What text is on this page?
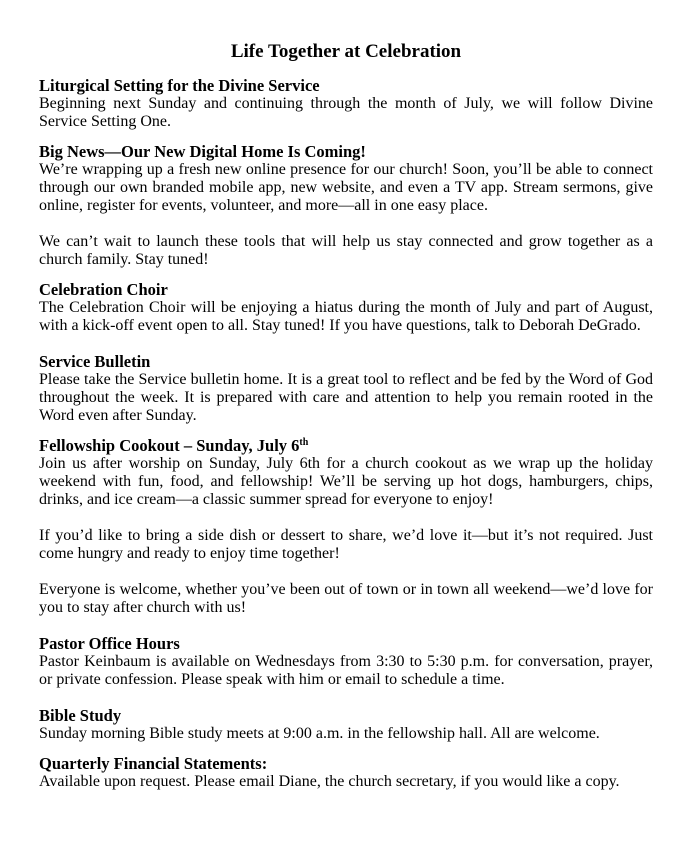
Life Together at Celebration
Liturgical Setting for the Divine Service

Beginning next Sunday and continuing through the month of July, we will follow Divine Service Setting One.

Big News—Our New Digital Home Is Coming!

We’re wrapping up a fresh new online presence for our church! Soon, you’ll be able to connect through our own branded mobile app, new website, and even a TV app. Stream sermons, give online, register for events, volunteer, and more—all in one easy place.

We can’t wait to launch these tools that will help us stay connected and grow together as a church family. Stay tuned!

Celebration Choir

The Celebration Choir will be enjoying a hiatus during the month of July and part of August, with a kick-off event open to all. Stay tuned! If you have questions, talk to Deborah DeGrado.

Service Bulletin

Please take the Service bulletin home. It is a great tool to reflect and be fed by the Word of God throughout the week. It is prepared with care and attention to help you remain rooted in the Word even after Sunday.

Fellowship Cookout – Sunday, July 6th

Join us after worship on Sunday, July 6th for a church cookout as we wrap up the holiday weekend with fun, food, and fellowship! We’ll be serving up hot dogs, hamburgers, chips, drinks, and ice cream—a classic summer spread for everyone to enjoy!

If you’d like to bring a side dish or dessert to share, we’d love it—but it’s not required. Just come hungry and ready to enjoy time together!

Everyone is welcome, whether you’ve been out of town or in town all weekend—we’d love for you to stay after church with us!

Pastor Office Hours

Pastor Keinbaum is available on Wednesdays from 3:30 to 5:30 p.m. for conversation, prayer, or private confession. Please speak with him or email to schedule a time.

Bible Study

Sunday morning Bible study meets at 9:00 a.m. in the fellowship hall. All are welcome.

Quarterly Financial Statements:

Available upon request. Please email Diane, the church secretary, if you would like a copy.
